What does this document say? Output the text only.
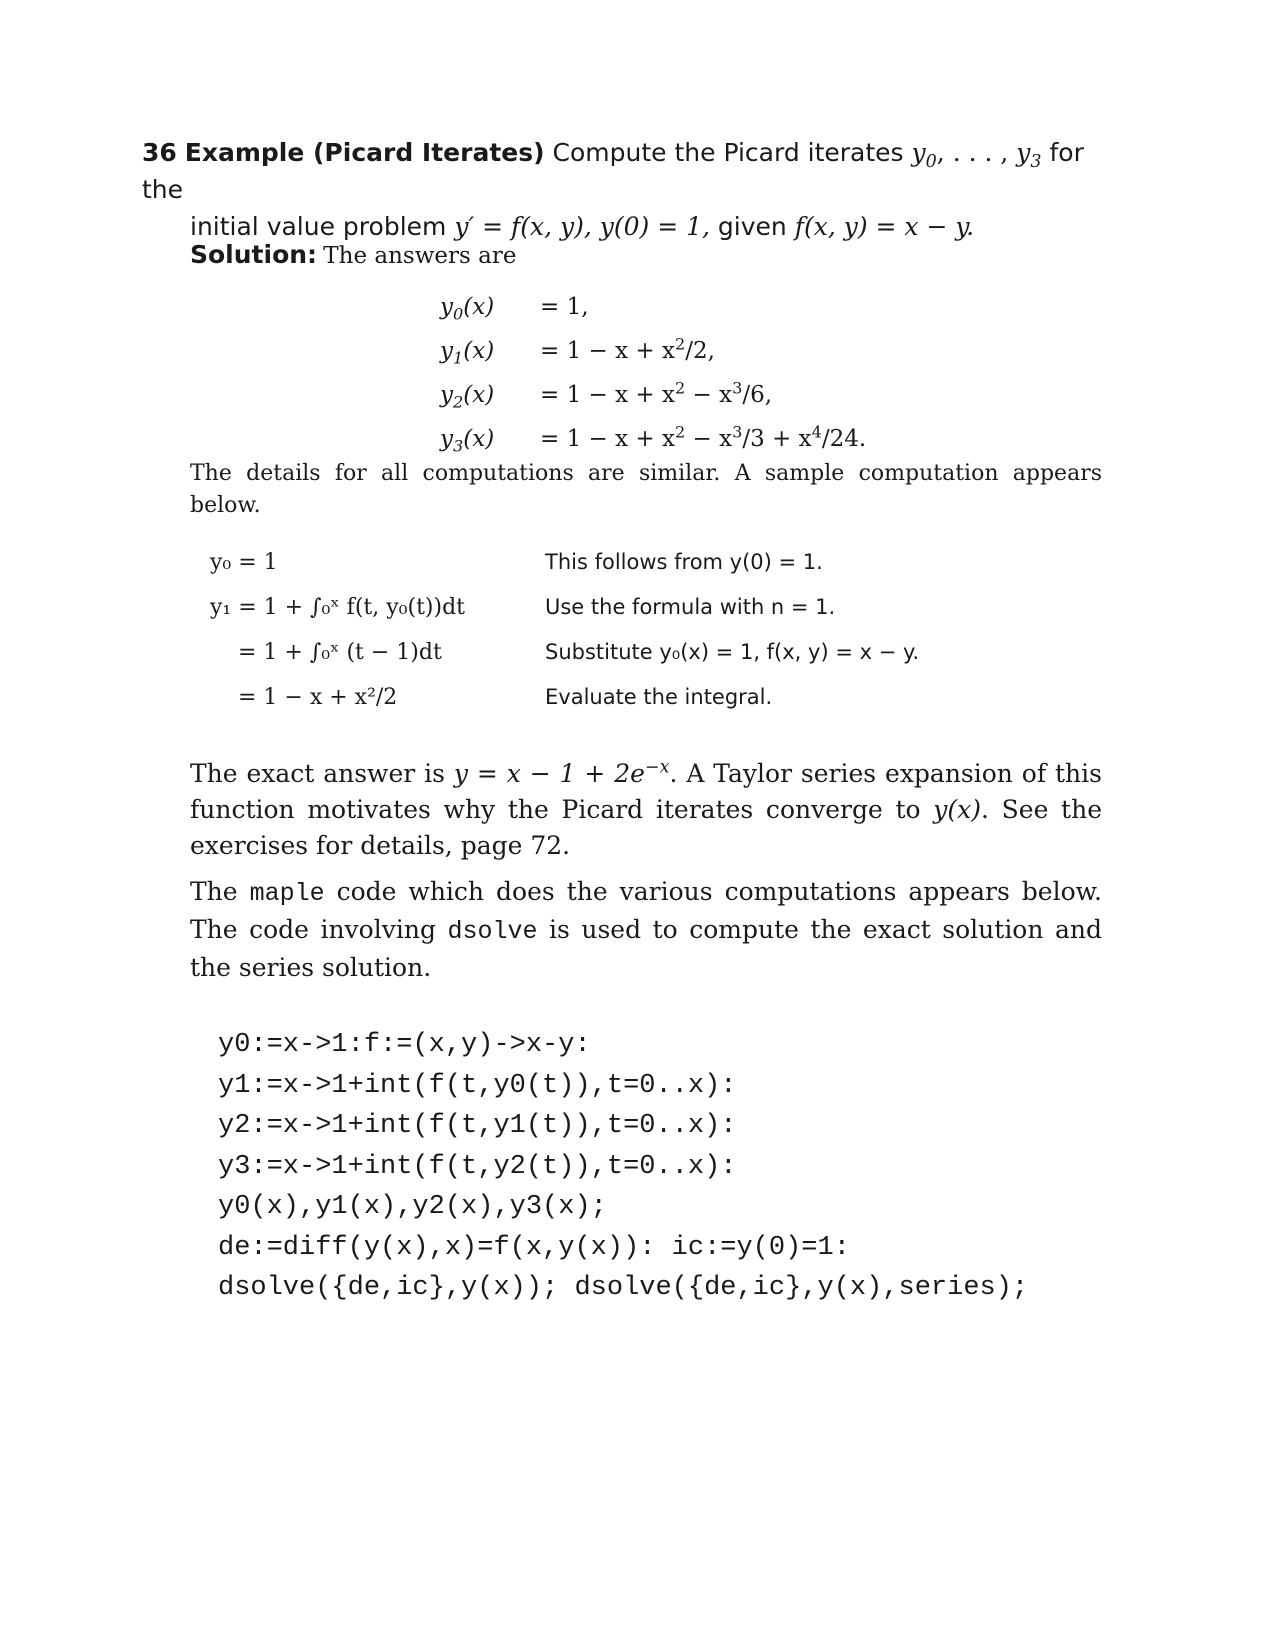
36 Example (Picard Iterates) Compute the Picard iterates $y_0$, . . . , $y_3$ for the
initial value problem y′ = f(x, y), y(0) = 1, given f(x, y) = x − y.
Solution: The answers are
$y_0(x) = 1$,
$y_1(x) = 1 - x + x^2/2$,
$y_2(x) = 1 - x + x^2 - x^3/6$,
$y_3(x) = 1 - x + x^2 - x^3/3 + x^4/24$.
The details for all computations are similar. A sample computation appears below.
y₀ = 1	This follows from y(0) = 1.
y₁ = 1 + ∫₀ˣ f(t, y₀(t))dt	Use the formula with n = 1.
= 1 + ∫₀ˣ (t − 1)dt	Substitute y₀(x) = 1, f(x, y) = x − y.
= 1 − x + x²/2	Evaluate the integral.
The exact answer is $y = x - 1 + 2e^{-x}$. A Taylor series expansion of this function motivates why the Picard iterates converge to y(x). See the exercises for details, page 72.
The maple code which does the various computations appears below. The code involving dsolve is used to compute the exact solution and the series solution.
y0:=x->1:f:=(x,y)->x-y:
y1:=x->1+int(f(t,y0(t)),t=0..x):
y2:=x->1+int(f(t,y1(t)),t=0..x):
y3:=x->1+int(f(t,y2(t)),t=0..x):
y0(x),y1(x),y2(x),y3(x);
de:=diff(y(x),x)=f(x,y(x)): ic:=y(0)=1:
dsolve({de,ic},y(x)); dsolve({de,ic},y(x),series);
